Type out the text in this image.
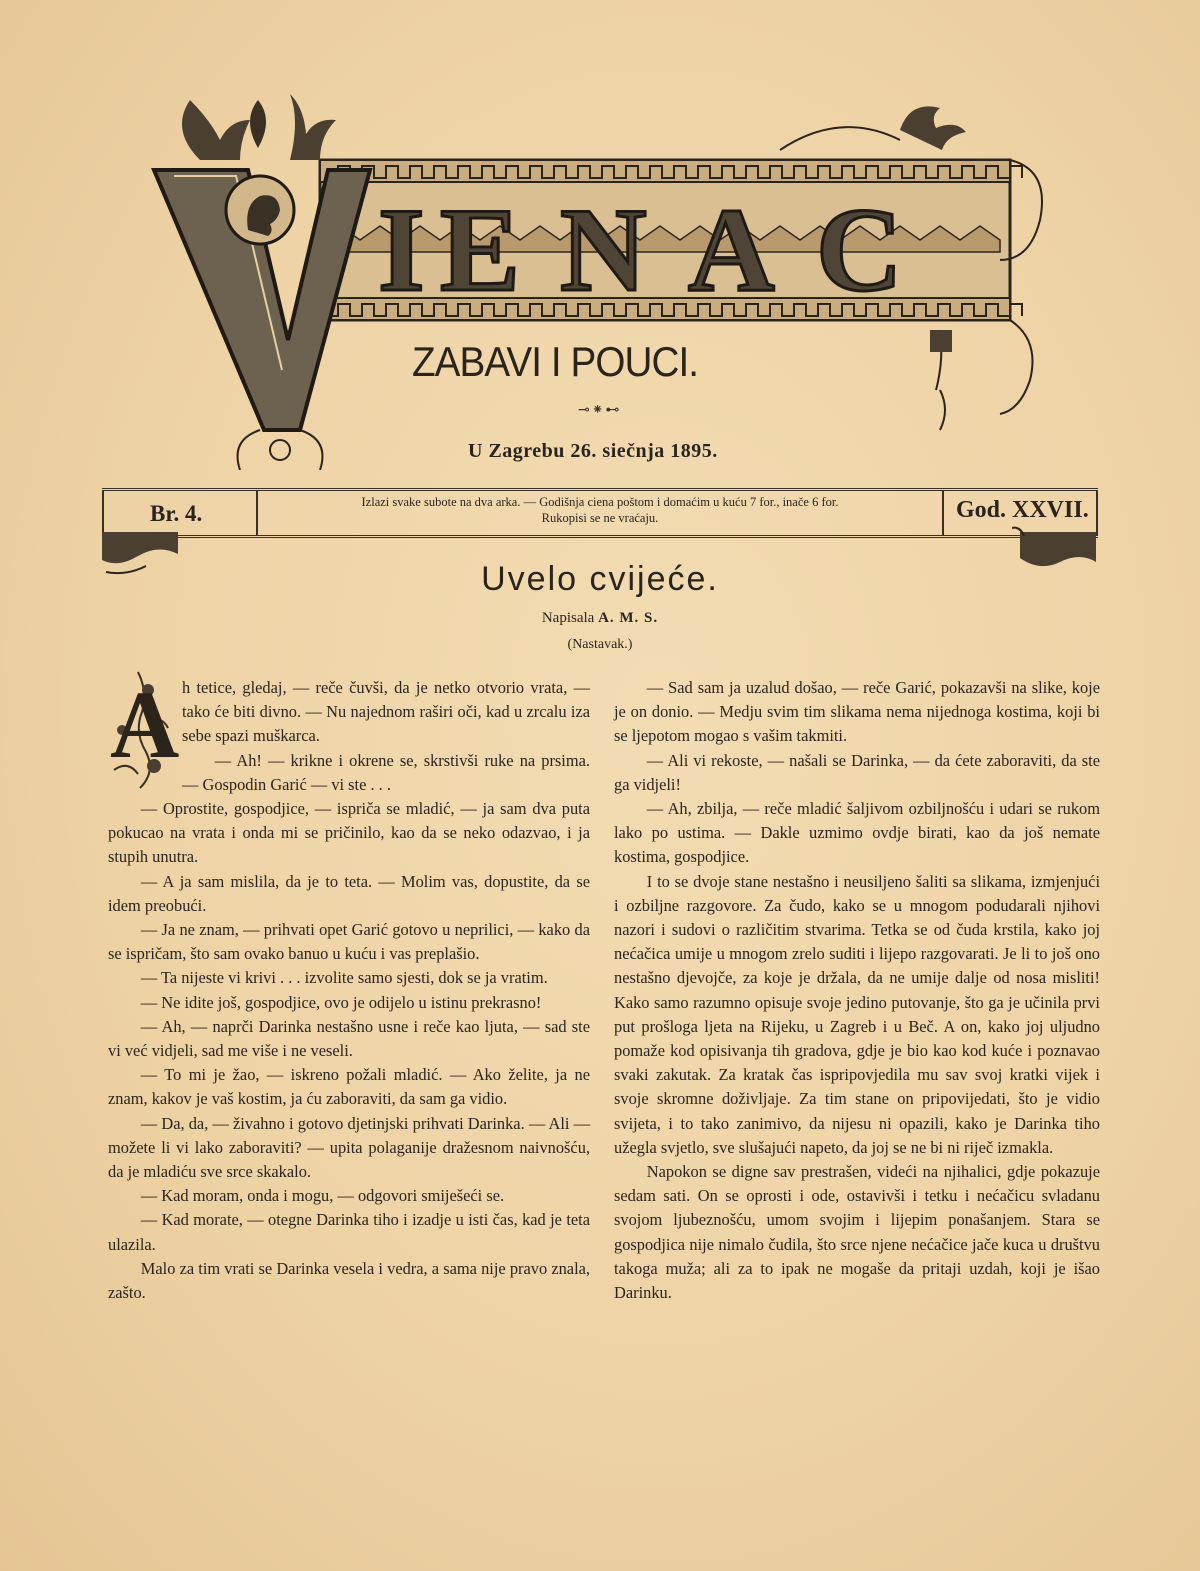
I E N A C
ZABAVI I POUCI.
⊸⁕⊷
U Zagrebu 26. siečnja 1895.
Br. 4.	Izlazi svake subote na dva arka. — Godišnja ciena poštom i domaćim u kuću 7 for., inače 6 for.
Rukopisi se ne vraćaju.	God. XXVII.
Uvelo cvijeće.
Napisala A. M. S.
(Nastavak.)
A h tetice, gledaj, — reče čuvši, da je netko otvorio vrata, — tako će biti divno. — Nu najednom raširi oči, kad u zrcalu iza sebe spazi muškarca.

— Ah! — krikne i okrene se, skrstivši ruke na prsima. — Gospodin Garić — vi ste . . .

— Oprostite, gospodjice, — ispriča se mladić, — ja sam dva puta pokucao na vrata i onda mi se pričinilo, kao da se neko odazvao, i ja stupih unutra.

— A ja sam mislila, da je to teta. — Molim vas, dopustite, da se idem preobući.

— Ja ne znam, — prihvati opet Garić gotovo u neprilici, — kako da se ispričam, što sam ovako banuo u kuću i vas preplašio.

— Ta nijeste vi krivi . . . izvolite samo sjesti, dok se ja vratim.

— Ne idite još, gospodjice, ovo je odijelo u istinu prekrasno!

— Ah, — naprči Darinka nestašno usne i reče kao ljuta, — sad ste vi već vidjeli, sad me više i ne veseli.

— To mi je žao, — iskreno požali mladić. — Ako želite, ja ne znam, kakov je vaš kostim, ja ću zaboraviti, da sam ga vidio.

— Da, da, — živahno i gotovo djetinjski prihvati Darinka. — Ali — možete li vi lako zaboraviti? — upita polaganije dražesnom naivnošću, da je mladiću sve srce skakalo.

— Kad moram, onda i mogu, — odgovori smiješeći se.

— Kad morate, — otegne Darinka tiho i izadje u isti čas, kad je teta ulazila.

Malo za tim vrati se Darinka vesela i vedra, a sama nije pravo znala, zašto.

— Sad sam ja uzalud došao, — reče Garić, pokazavši na slike, koje je on donio. — Medju svim tim slikama nema nijednoga kostima, koji bi se ljepotom mogao s vašim takmiti.

— Ali vi rekoste, — našali se Darinka, — da ćete zaboraviti, da ste ga vidjeli!

— Ah, zbilja, — reče mladić šaljivom ozbiljnošću i udari se rukom lako po ustima. — Dakle uzmimo ovdje birati, kao da još nemate kostima, gospodjice.

I to se dvoje stane nestašno i neusiljeno šaliti sa slikama, izmjenjući i ozbiljne razgovore. Za čudo, kako se u mnogom podudarali njihovi nazori i sudovi o različitim stvarima. Tetka se od čuda krstila, kako joj nećačica umije u mnogom zrelo suditi i lijepo razgovarati. Je li to još ono nestašno djevojče, za koje je držala, da ne umije dalje od nosa misliti! Kako samo razumno opisuje svoje jedino putovanje, što ga je učinila prvi put prošloga ljeta na Rijeku, u Zagreb i u Beč. A on, kako joj uljudno pomaže kod opisivanja tih gradova, gdje je bio kao kod kuće i poznavao svaki zakutak. Za kratak čas ispripovjedila mu sav svoj kratki vijek i svoje skromne doživljaje. Za tim stane on pripovijedati, što je vidio svijeta, i to tako zanimivo, da nijesu ni opazili, kako je Darinka tiho užegla svjetlo, sve slušajući napeto, da joj se ne bi ni riječ izmakla.

Napokon se digne sav prestrašen, videći na njihalici, gdje pokazuje sedam sati. On se oprosti i ode, ostavivši i tetku i nećačicu svladanu svojom ljubeznošću, umom svojim i lijepim ponašanjem. Stara se gospodjica nije nimalo čudila, što srce njene nećačice jače kuca u društvu takoga muža; ali za to ipak ne mogaše da pritaji uzdah, koji je išao Darinku.
